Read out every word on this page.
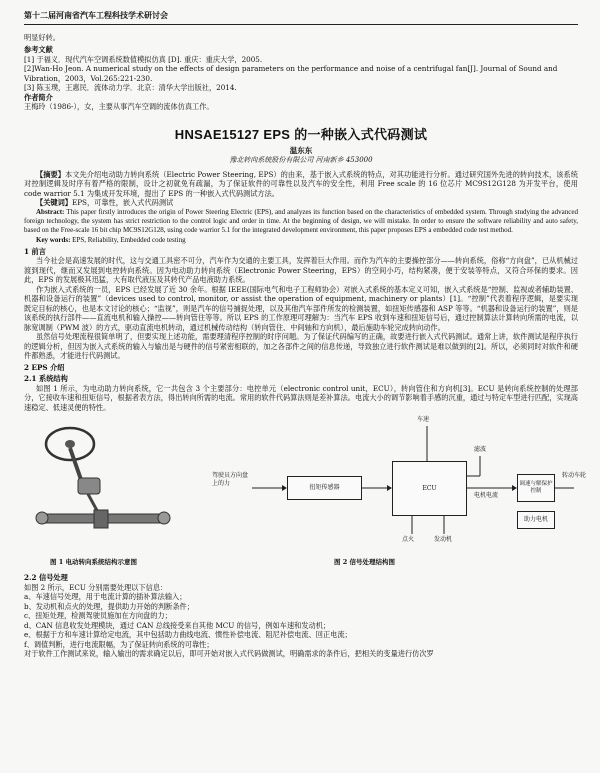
第十二届河南省汽车工程科技学术研讨会

明显好转。

参考文献

[1] 于福义．现代汽车空调系统数值模拟仿真 [D]. 重庆：重庆大学，2005.

[2]Wan-Ho Jeon. A numerical study on the effects of design parameters on the performance and noise of a centrifugal fan[J]. Journal of Sound and Vibration，2003，Vol.265:221-230.

[3] 陈玉璞，王惠民．流体动力学．北京：清华大学出版社，2014.

作者简介

王梅玲（1986-），女，主要从事汽车空调的流体仿真工作。

HNSAE15127 EPS 的一种嵌入式代码测试
温东东
豫北转向系统股份有限公司 河南新乡 453000

【摘要】本文先介绍电动助力转向系统（Electric Power Steering, EPS）的由来，基于嵌入式系统的特点，对其功能进行分析。通过研究国外先进的转向技术，该系统对控制逻辑及时序有着严格的限制，设计之初就免有疏漏，为了保证软件的可靠性以及汽车的安全性，利用 Free scale 的 16 位芯片 MC9S12G128 为开发平台，使用 code warrior 5.1 为集成开发环境，提出了 EPS 的一种嵌入式代码测试方法。

【关键词】EPS，可靠性，嵌入式代码测试

Abstract: This paper firstly introduces the origin of Power Steering Electric (EPS), and analyzes its function based on the characteristics of embedded system. Through studying the advanced foreign technology, the system has strict restriction to the control logic and order in time. At the beginning of design, we will mistake. In order to ensure the software reliability and auto safety, based on the Free-scale 16 bit chip MC9S12G128, using code warrior 5.1 for the integrated development environment, this paper proposes EPS a embedded code test method.

Key words: EPS, Reliability, Embedded code testing

1 前言

当今社会是高速发展的时代，这与交通工具密不可分，汽车作为交通的主要工具，发挥着巨大作用。而作为汽车的主要操控部分——转向系统，俗称“方向盘”，已从机械过渡到现代，继而又发展到电控转向系统。因为电动助力转向系统（Electronic Power Steering，EPS）的空间小巧，结构紧凑，便于安装等特点，又符合环保的要求。因此，EPS 的发展极其迅猛，大有取代液压及其转代产品电液助力系统。

作为嵌入式系统的一员，EPS 已经发展了近 30 余年。根据 IEEE(国际电气和电子工程师协会）对嵌入式系统的基本定义可知，嵌入式系统是“控制、监视或者辅助装置、机器和设备运行的装置”（devices used to control, monitor, or assist the operation of equipment, machinery or plants）[1]。“控制”代表着程序逻辑，是要实现既定目标的核心，也是本文讨论的核心；“监视”，则是汽车的信号捕捉处理，以及其他汽车部件所发的检测装置，如扭矩传感器和 ASP 等等。“机器和设备运行的装置”，则是该系统的执行部件——直流电机和输入操控——转向管住等等。所以 EPS 的工作原理可理解为：当汽车 EPS 收到车速和扭矩信号后，通过控制算法计算转向所需的电流，以脉宽调制（PWM 波）的方式，驱动直流电机转动，通过机械传动结构（转向管住、中间轴和方向机），最后施助车轮完成转向动作。

虽然信号处理流程很简单明了，但要实现上述功能，需要理清程序控制的时序问题。为了保证代码编写的正确，故要进行嵌入式代码测试。通常上讲，软件测试是程序执行的逻辑分析，但因为嵌入式系统的输入与输出是与硬件的信号紧密相联的，加之各部件之间的信息传递，导致独立进行软件测试是难以做到的[2]。所以，必须同时对软件和硬件都熟悉，才能进行代码测试。

2 EPS 介绍

2.1 系统结构

如图 1 所示，为电动助力转向系统，它一共包含 3 个主要部分：电控单元（electronic control unit，ECU），转向管住和方向机[3]。ECU 是转向系统控制的处理部分，它接收车速和扭矩信号，根据者表方法，得出转向所需的电流。常用的软件代码算法则是差补算法。电流大小的调节影响着手感的沉重，通过与特定车型进行匹配，实现高速稳定、低速灵便的特性。

图 1 电动转向系统结构示意图
驾驶员方向盘上的力
扭矩传感器
车速
ECU
滤波
电机电流
调速与解保护控制
助力电机
转动车轮
点火	发动机
图 2 信号处理结构图

2.2 信号处理

如图 2 所示，ECU 分别需要处理以下信息：

a、车速信号处理，用于电流计算的插补算法输入；

b、发动机和点火的处理，提供助力开始的判断条件；

c、扭矩处理，检测驾驶员施加在方向盘的力；

d、CAN 信息收发处理模块，通过 CAN 总线接受来自其他 MCU 的信号，例如车速和发动机；

e、根据于方和车速计算给定电流，其中包括助力曲线电流、惯性补偿电流、阻尼补偿电流、回正电流；

f、调值判断，进行电流限幅，为了保证转向系统的可靠性；

对于软件工作测试来说，输入输出的需求确定以后，即可开始对嵌入式代码做测试，明确需求的条件后，把相关的变量进行仿次罗
